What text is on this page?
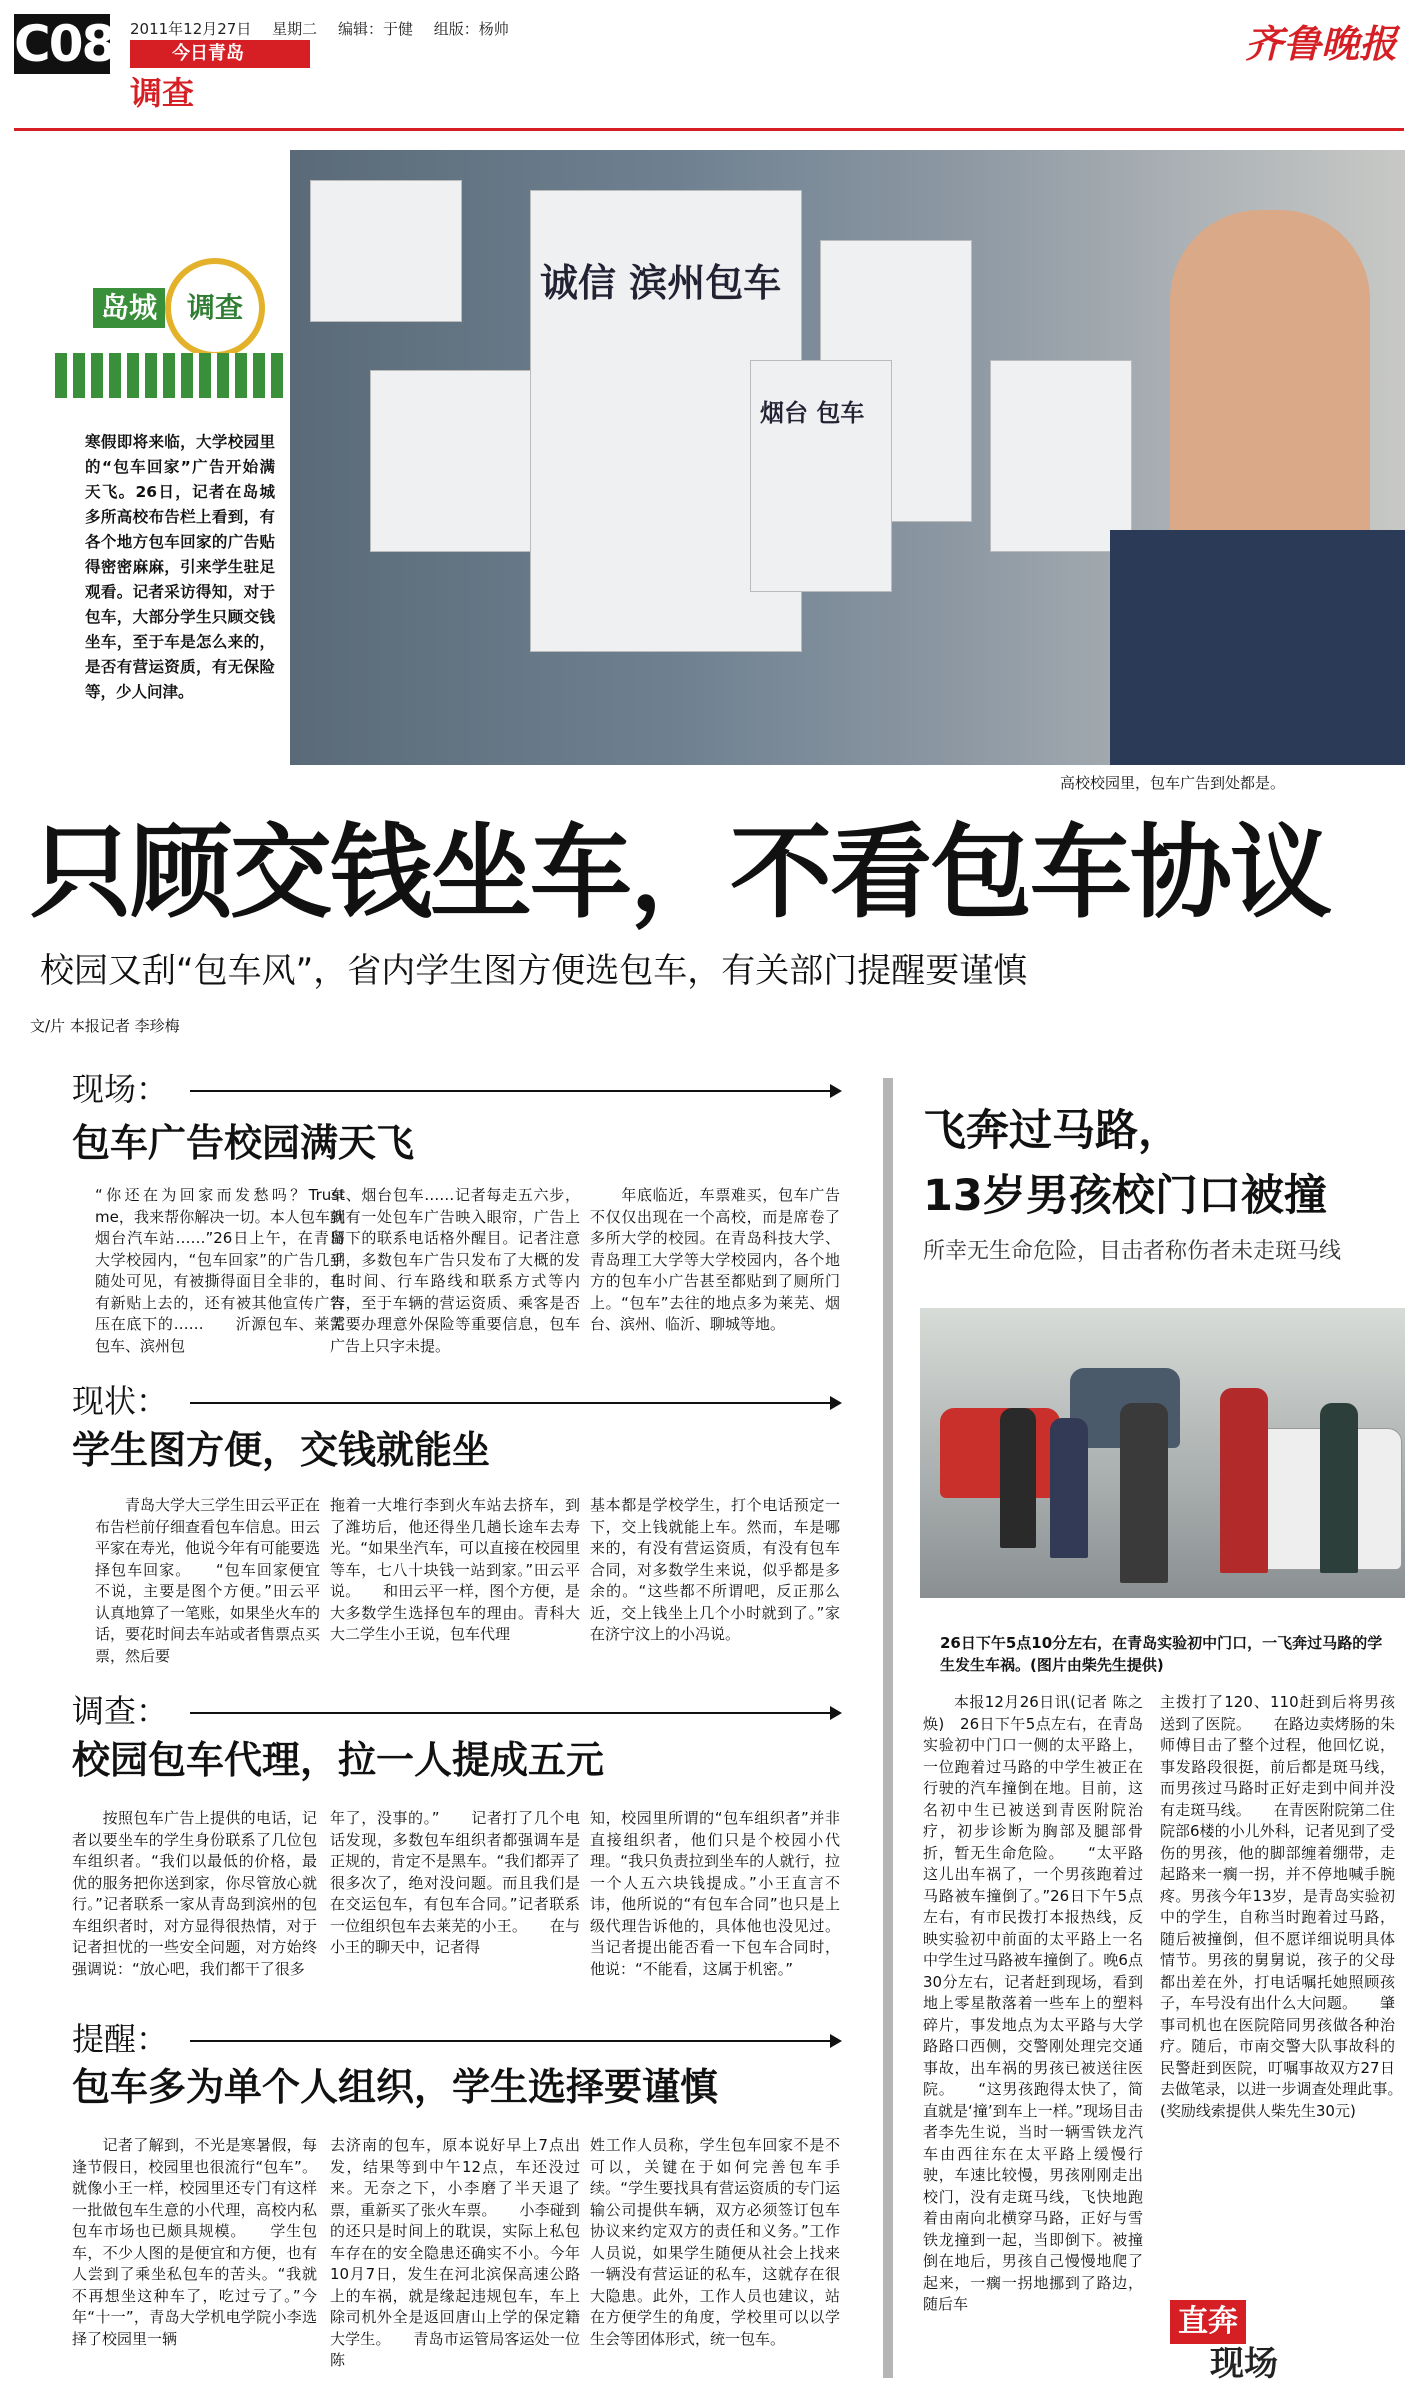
C08 2011年12月27日 星期二 编辑：于健 组版：杨帅
今日青岛
调查
齐鲁晚报
岛城	调查
寒假即将来临，大学校园里的“包车回家”广告开始满天飞。26日，记者在岛城多所高校布告栏上看到，有各个地方包车回家的广告贴得密密麻麻，引来学生驻足观看。记者采访得知，对于包车，大部分学生只顾交钱坐车，至于车是怎么来的，是否有营运资质，有无保险等，少人问津。
诚信 滨州包车
烟台 包车
高校校园里，包车广告到处都是。
只顾交钱坐车，不看包车协议
校园又刮“包车风”，省内学生图方便选包车，有关部门提醒要谨慎
文/片 本报记者 李珍梅
现场：
包车广告校园满天飞
“你还在为回家而发愁吗？Trust me，我来帮你解决一切。本人包车到烟台汽车站……”26日上午，在青岛大学校园内，“包车回家”的广告几乎随处可见，有被撕得面目全非的，也有新贴上去的，还有被其他宣传广告压在底下的……　　沂源包车、莱芜包车、滨州包
车、烟台包车……记者每走五六步，就有一处包车广告映入眼帘，广告上留下的联系电话格外醒目。记者注意到，多数包车广告只发布了大概的发车时间、行车路线和联系方式等内容，至于车辆的营运资质、乘客是否需要办理意外保险等重要信息，包车广告上只字未提。
　　年底临近，车票难买，包车广告不仅仅出现在一个高校，而是席卷了多所大学的校园。在青岛科技大学、青岛理工大学等大学校园内，各个地方的包车小广告甚至都贴到了厕所门上。“包车”去往的地点多为莱芜、烟台、滨州、临沂、聊城等地。
现状：
学生图方便，交钱就能坐
　　青岛大学大三学生田云平正在布告栏前仔细查看包车信息。田云平家在寿光，他说今年有可能要选择包车回家。　　“包车回家便宜不说，主要是图个方便。”田云平认真地算了一笔账，如果坐火车的话，要花时间去车站或者售票点买票，然后要
拖着一大堆行李到火车站去挤车，到了潍坊后，他还得坐几趟长途车去寿光。“如果坐汽车，可以直接在校园里等车，七八十块钱一站到家。”田云平说。　　和田云平一样，图个方便，是大多数学生选择包车的理由。青科大大二学生小王说，包车代理
基本都是学校学生，打个电话预定一下，交上钱就能上车。然而，车是哪来的，有没有营运资质，有没有包车合同，对多数学生来说，似乎都是多余的。“这些都不所谓吧，反正那么近，交上钱坐上几个小时就到了。”家在济宁汶上的小冯说。
调查：
校园包车代理，拉一人提成五元
　　按照包车广告上提供的电话，记者以要坐车的学生身份联系了几位包车组织者。“我们以最低的价格，最优的服务把你送到家，你尽管放心就行。”记者联系一家从青岛到滨州的包车组织者时，对方显得很热情，对于记者担忧的一些安全问题，对方始终强调说：“放心吧，我们都干了很多
年了，没事的。”　　记者打了几个电话发现，多数包车组织者都强调车是正规的，肯定不是黑车。“我们都弄了很多次了，绝对没问题。而且我们是在交运包车，有包车合同。”记者联系一位组织包车去莱芜的小王。　　在与小王的聊天中，记者得
知，校园里所谓的“包车组织者”并非直接组织者，他们只是个校园小代理。“我只负责拉到坐车的人就行，拉一个人五六块钱提成。”小王直言不讳，他所说的“有包车合同”也只是上级代理告诉他的，具体他也没见过。当记者提出能否看一下包车合同时，他说：“不能看，这属于机密。”
提醒：
包车多为单个人组织，学生选择要谨慎
　　记者了解到，不光是寒暑假，每逢节假日，校园里也很流行“包车”。就像小王一样，校园里还专门有这样一批做包车生意的小代理，高校内私包车市场也已颇具规模。　　学生包车，不少人图的是便宜和方便，也有人尝到了乘坐私包车的苦头。“我就不再想坐这种车了，吃过亏了。”今年“十一”，青岛大学机电学院小李选择了校园里一辆
去济南的包车，原本说好早上7点出发，结果等到中午12点，车还没过来。无奈之下，小李磨了半天退了票，重新买了张火车票。　　小李碰到的还只是时间上的耽误，实际上私包车存在的安全隐患还确实不小。今年10月7日，发生在河北滨保高速公路上的车祸，就是缘起违规包车，车上除司机外全是返回唐山上学的保定籍大学生。　　青岛市运管局客运处一位陈
姓工作人员称，学生包车回家不是不可以，关键在于如何完善包车手续。“学生要找具有营运资质的专门运输公司提供车辆，双方必须签订包车协议来约定双方的责任和义务。”工作人员说，如果学生随便从社会上找来一辆没有营运证的私车，这就存在很大隐患。此外，工作人员也建议，站在方便学生的角度，学校里可以以学生会等团体形式，统一包车。
飞奔过马路，
13岁男孩校门口被撞
所幸无生命危险，目击者称伤者未走斑马线
26日下午5点10分左右，在青岛实验初中门口，一飞奔过马路的学生发生车祸。(图片由柴先生提供)
　　本报12月26日讯(记者 陈之焕)　26日下午5点左右，在青岛实验初中门口一侧的太平路上，一位跑着过马路的中学生被正在行驶的汽车撞倒在地。目前，这名初中生已被送到青医附院治疗，初步诊断为胸部及腿部骨折，暂无生命危险。　　“太平路这儿出车祸了，一个男孩跑着过马路被车撞倒了。”26日下午5点左右，有市民拨打本报热线，反映实验初中前面的太平路上一名中学生过马路被车撞倒了。晚6点30分左右，记者赶到现场，看到地上零星散落着一些车上的塑料碎片，事发地点为太平路与大学路路口西侧，交警刚处理完交通事故，出车祸的男孩已被送往医院。　　“这男孩跑得太快了，简直就是‘撞’到车上一样。”现场目击者李先生说，当时一辆雪铁龙汽车由西往东在太平路上缓慢行驶，车速比较慢，男孩刚刚走出校门，没有走斑马线，飞快地跑着由南向北横穿马路，正好与雪铁龙撞到一起，当即倒下。被撞倒在地后，男孩自己慢慢地爬了起来，一瘸一拐地挪到了路边，随后车
主拨打了120、110赶到后将男孩送到了医院。　　在路边卖烤肠的朱师傅目击了整个过程，他回忆说，事发路段很挺，前后都是斑马线，而男孩过马路时正好走到中间并没有走斑马线。　　在青医附院第二住院部6楼的小儿外科，记者见到了受伤的男孩，他的脚部缠着绷带，走起路来一瘸一拐，并不停地喊手腕疼。男孩今年13岁，是青岛实验初中的学生，自称当时跑着过马路，随后被撞倒，但不愿详细说明具体情节。男孩的舅舅说，孩子的父母都出差在外，打电话嘱托她照顾孩子，车号没有出什么大问题。　　肇事司机也在医院陪同男孩做各种治疗。随后，市南交警大队事故科的民警赶到医院，叮嘱事故双方27日去做笔录，以进一步调查处理此事。　　(奖励线索提供人柴先生30元)
直奔
现场
